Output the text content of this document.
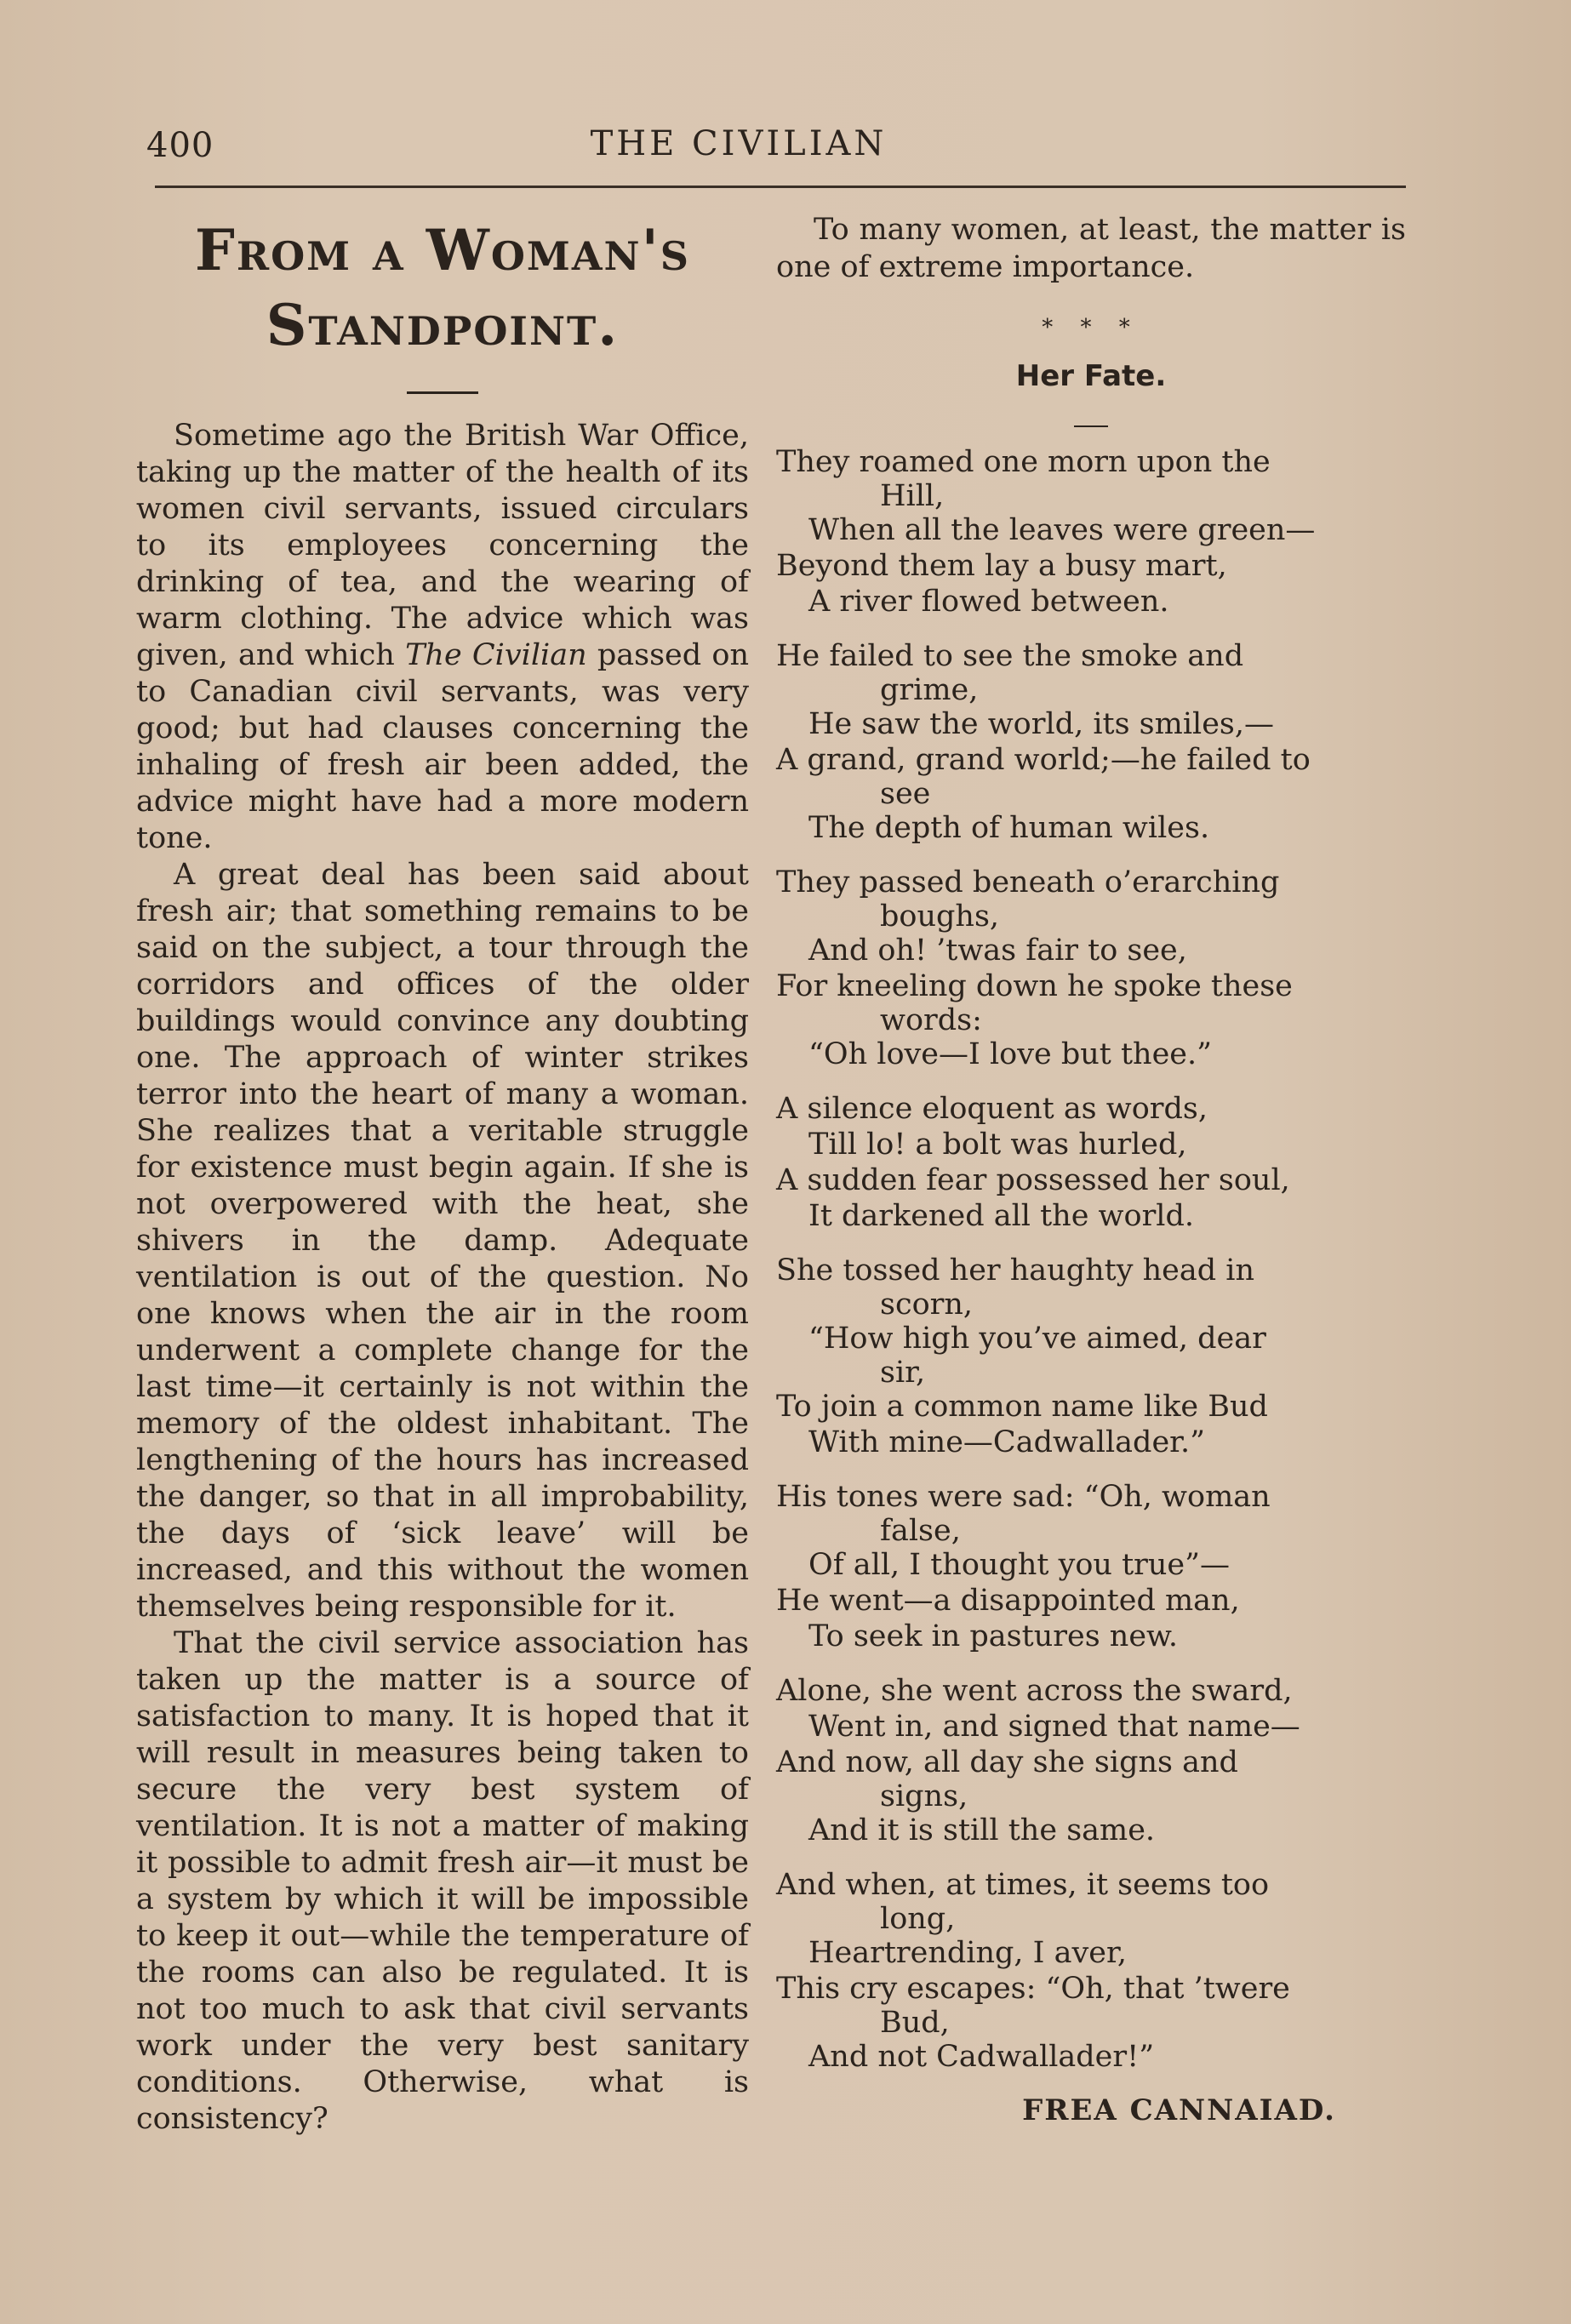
400	THE CIVILIAN
From a Woman's
Standpoint.

Sometime ago the British War Office, taking up the matter of the health of its women civil servants, issued circulars to its employees concerning the drinking of tea, and the wearing of warm clothing. The advice which was given, and which The Civilian passed on to Canadian civil servants, was very good; but had clauses concerning the inhaling of fresh air been added, the advice might have had a more modern tone.

A great deal has been said about fresh air; that something remains to be said on the subject, a tour through the corridors and offices of the older buildings would convince any doubting one. The approach of winter strikes terror into the heart of many a woman. She realizes that a veritable struggle for existence must begin again. If she is not overpowered with the heat, she shivers in the damp. Adequate ventilation is out of the question. No one knows when the air in the room underwent a complete change for the last time—it certainly is not within the memory of the oldest inhabitant. The lengthening of the hours has increased the danger, so that in all improbability, the days of ‘sick leave’ will be increased, and this without the women themselves being responsible for it.

That the civil service association has taken up the matter is a source of satisfaction to many. It is hoped that it will result in measures being taken to secure the very best system of ventilation. It is not a matter of making it possible to admit fresh air—it must be a system by which it will be impossible to keep it out—while the temperature of the rooms can also be regulated. It is not too much to ask that civil servants work under the very best sanitary conditions. Otherwise, what is consistency?

To many women, at least, the matter is one of extreme importance.

* * *

Her Fate.

They roamed one morn upon the
Hill,
When all the leaves were green—
Beyond them lay a busy mart,
A river flowed between.
He failed to see the smoke and
grime,
He saw the world, its smiles,—
A grand, grand world;—he failed to
see
The depth of human wiles.
They passed beneath o’erarching
boughs,
And oh! ’twas fair to see,
For kneeling down he spoke these
words:
“Oh love—I love but thee.”
A silence eloquent as words,
Till lo! a bolt was hurled,
A sudden fear possessed her soul,
It darkened all the world.
She tossed her haughty head in
scorn,
“How high you’ve aimed, dear
sir,
To join a common name like Bud
With mine—Cadwallader.”
His tones were sad: “Oh, woman
false,
Of all, I thought you true”—
He went—a disappointed man,
To seek in pastures new.
Alone, she went across the sward,
Went in, and signed that name—
And now, all day she signs and
signs,
And it is still the same.
And when, at times, it seems too
long,
Heartrending, I aver,
This cry escapes: “Oh, that ’twere
Bud,
And not Cadwallader!”
FREA CANNAIAD.
